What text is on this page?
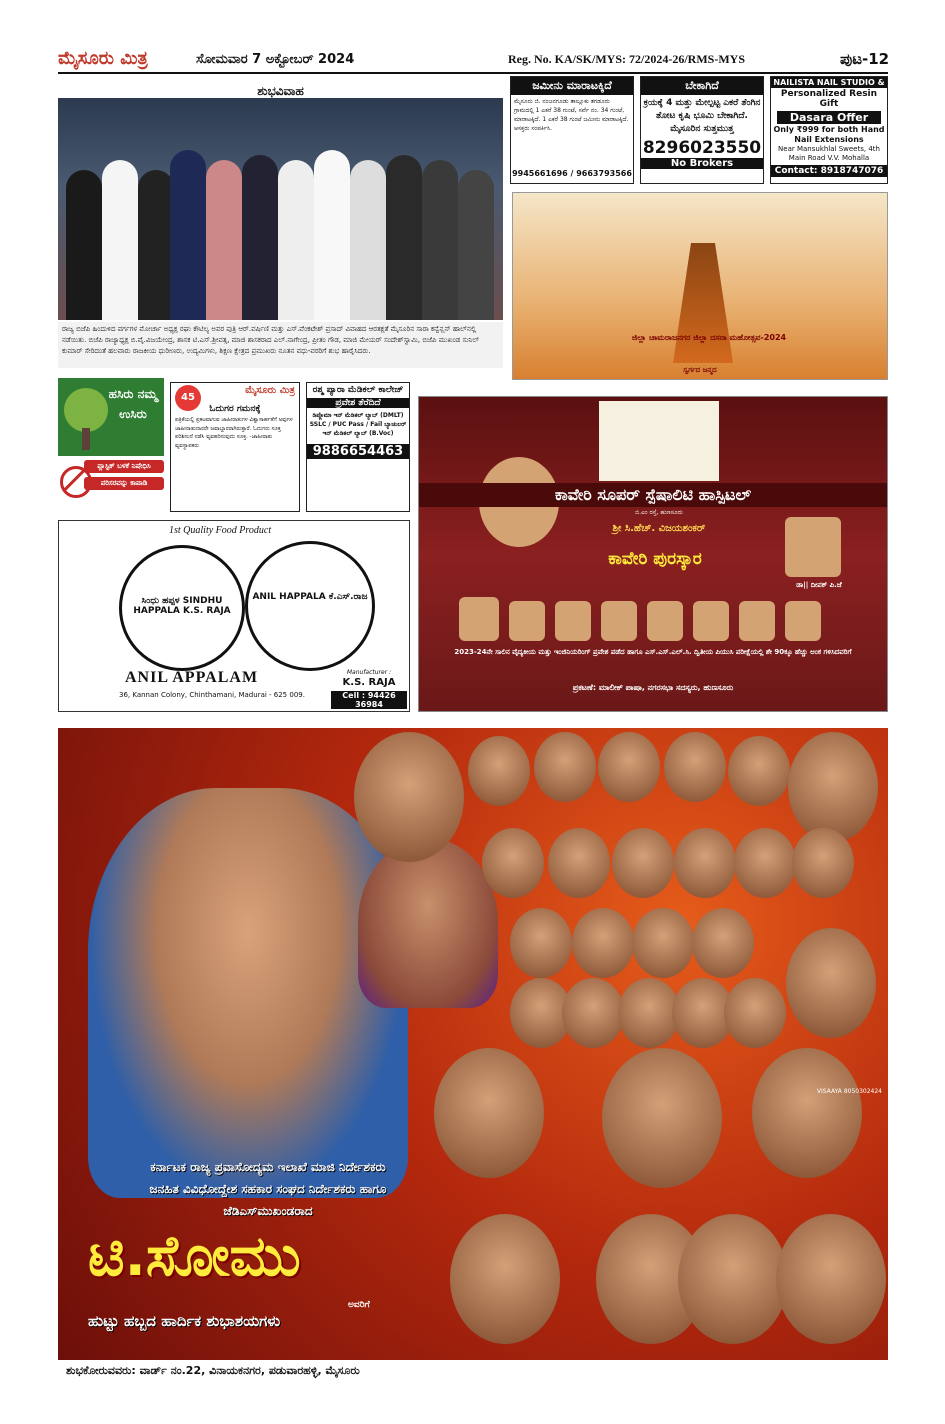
ಮೈಸೂರು ಮಿತ್ರ	ಸೋಮವಾರ 7 ಅಕ್ಟೋಬರ್ 2024	Reg. No. KA/SK/MYS: 72/2024-26/RMS-MYS	ಪುಟ-12
ಶುಭವಿವಾಹ
ರಾಜ್ಯ ಬಿಜೆಪಿ ಹಿಂದುಳಿದ ವರ್ಗಗಳ ಮೋರ್ಚಾ ಅಧ್ಯಕ್ಷ ರಘು ಕೌಟಿಲ್ಯ ಅವರ ಪುತ್ರಿ ಆರ್.ವರ್ಷಿಣಿ ಮತ್ತು ಎಸ್.ವೆಂಕಟೇಶ್ ಪ್ರಸಾದ್ ವಿವಾಹದ ಆರತಕ್ಷತೆ ಮೈಸೂರಿನ ಸಾರಾ ಕನ್ವೆನ್ಷನ್ ಹಾಲ್‌ನಲ್ಲಿ ನಡೆಯಿತು. ಬಿಜೆಪಿ ರಾಜ್ಯಾಧ್ಯಕ್ಷ ಬಿ.ವೈ.ವಿಜಯೇಂದ್ರ, ಶಾಸಕ ಟಿ.ಎಸ್.ಶ್ರೀವತ್ಸ, ಮಾಜಿ ಶಾಸಕರಾದ ಎಲ್.ನಾಗೇಂದ್ರ, ಪ್ರೀತಂ ಗೌಡ, ಮಾಜಿ ಮೇಯರ್ ಸಂದೇಶ್‌ಸ್ವಾಮಿ, ಬಿಜೆಪಿ ಮುಖಂಡ ಸುನಿಲ್ ಕುಮಾರ್ ಸೇರಿದಂತೆ ಹಲವಾರು ರಾಜಕೀಯ ಧುರೀಣರು, ಉದ್ಯಮಿಗಳು, ಶಿಕ್ಷಣ ಕ್ಷೇತ್ರದ ಪ್ರಮುಖರು ನೂತನ ವಧು-ವರರಿಗೆ ಶುಭ ಹಾರೈಸಿದರು.
ಜಮೀನು ಮಾರಾಟಕ್ಕಿದೆ
ಮೈಸೂರು ಜಿ. ನಂಜನಗೂಡು ತಾಲ್ಲೂಕು ತಗಡೂರು ಗ್ರಾಮದಲ್ಲಿ 1 ಎಕರೆ 38 ಗುಂಟೆ, ಸರ್ವೆ ನಂ. 34 ಗುಂಟೆ, ಮಾರಾಟಕ್ಕಿದೆ. 1 ಎಕರೆ 38 ಗುಂಟೆ ಜಮೀನು ಮಾರಾಟಕ್ಕಿದೆ. ಆಸಕ್ತರು ಸಂಪರ್ಕಿಸಿ.
9945661696 / 9663793566
ಬೇಕಾಗಿದೆ
ಕ್ರಯಕ್ಕೆ 4 ಮತ್ತು ಮೇಲ್ಪಟ್ಟ ಎಕರೆ ತೆಂಗಿನ ತೋಟ ಕೃಷಿ ಭೂಮಿ ಬೇಕಾಗಿದೆ. ಮೈಸೂರಿನ ಸುತ್ತಮುತ್ತ
8296023550
No Brokers
NAILISTA NAIL STUDIO &
Personalized Resin Gift
Dasara Offer
Only ₹999 for both Hand Nail Extensions
Near Mansukhlal Sweets, 4th Main Road V.V. Mohalla
Contact: 8918747076
ಜಿಲ್ಲಾ ಚಾಮರಾಜನಗರ ಜಿಲ್ಲಾ ದಸರಾ ಮಹೋತ್ಸವ-2024
ಸ್ವರ್ಗದ ಜನ್ಮದ
ಹಸಿರು ನಮ್ಮ ಉಸಿರು
ಪ್ಲಾಸ್ಟಿಕ್ ಬಳಕೆ ನಿಷೇಧಿಸಿ
ಪರಿಸರವನ್ನು ಕಾಪಾಡಿ
45
ಮೈಸೂರು ಮಿತ್ರ
ಓದುಗರ ಗಮನಕ್ಕೆ
ಪತ್ರಿಕೆಯಲ್ಲಿ ಪ್ರಕಟವಾಗುವ ಜಾಹೀರಾತುಗಳ ವಿಶ್ವಾಸಾರ್ಹತೆಗೆ ಅವುಗಳ ಜಾಹೀರಾತುದಾರರೇ ಜವಾಬ್ದಾರರಾಗಿರುತ್ತಾರೆ. ಓದುಗರು ಸೂಕ್ತ ಪರಿಶೀಲನೆ ನಡೆಸಿ ವ್ಯವಹರಿಸುವುದು ಸೂಕ್ತ. -ಜಾಹೀರಾತು ವ್ಯವಸ್ಥಾಪಕರು
ರಶ್ಮ ಪ್ಯಾರಾ ಮೆಡಿಕಲ್ ಕಾಲೇಜ್
ಪ್ರವೇಶ ತೆರೆದಿದೆ
ಡಿಪ್ಲೊಮಾ ಇನ್ ಮೆಡಿಕಲ್ ಲ್ಯಾಬ್ (DMLT) SSLC / PUC Pass / Fail ಬ್ಯಾಚುಲರ್ ಇನ್ ಮೆಡಿಕಲ್ ಲ್ಯಾಬ್ (B.Voc)
9886654463
1st Quality Food Product
ಸಿಂಧು ಹಪ್ಪಳ SINDHU HAPPALA K.S. RAJA
ANIL HAPPALA ಕೆ.ಎಸ್.ರಾಜ
ANIL APPALAM
36, Kannan Colony, Chinthamani, Madurai - 625 009.
Manufacturer :
K.S. RAJA
Cell : 94426 36984
ಕಾವೇರಿ ಸೂಪರ್ ಸ್ಪೆಷಾಲಿಟಿ ಹಾಸ್ಪಿಟಲ್
ಬಿ.ಎಂ ರಸ್ತೆ, ಹುಣಸೂರು
ಶ್ರೀ ಸಿ.ಹೆಚ್. ವಿಜಯಶಂಕರ್
ಕಾವೇರಿ ಪುರಸ್ಕಾರ
ಡಾ|| ದೀಪಕ್ ಪಿ.ಜೆ
2023-24ನೇ ಸಾಲಿನ ವೈದ್ಯಕೀಯ ಮತ್ತು ಇಂಜಿನಿಯರಿಂಗ್ ಪ್ರವೇಶ ಪಡೆದ ಹಾಗೂ ಎಸ್.ಎಸ್.ಎಲ್.ಸಿ. ದ್ವಿತೀಯ ಪಿಯುಸಿ ಪರೀಕ್ಷೆಯಲ್ಲಿ ಶೇ 90ಕ್ಕೂ ಹೆಚ್ಚು ಅಂಕ ಗಳಿಸಿದವರಿಗೆ
ಪ್ರಕಟಣೆ: ಮಾಲೀಕ್ ಪಾಷಾ, ನಗರಸಭಾ ಸದಸ್ಯರು, ಹುಣಸೂರು
VISAAYA 8050302424
ಕರ್ನಾಟಕ ರಾಜ್ಯ ಪ್ರವಾಸೋದ್ಯಮ ಇಲಾಖೆ ಮಾಜಿ ನಿರ್ದೇಶಕರು
ಜನಹಿತ ವಿವಿಧೋದ್ದೇಶ ಸಹಕಾರ ಸಂಘದ ನಿರ್ದೇಶಕರು ಹಾಗೂ
ಜೆಡಿಎಸ್‌ಮುಖಂಡರಾದ
ಟಿ.ಸೋಮು
ಅವರಿಗೆ
ಹುಟ್ಟು ಹಬ್ಬದ ಹಾರ್ದಿಕ ಶುಭಾಶಯಗಳು
ಶುಭಕೋರುವವರು: ವಾರ್ಡ್ ನಂ.22, ವಿನಾಯಕನಗರ, ಪಡುವಾರಹಳ್ಳಿ, ಮೈಸೂರು
